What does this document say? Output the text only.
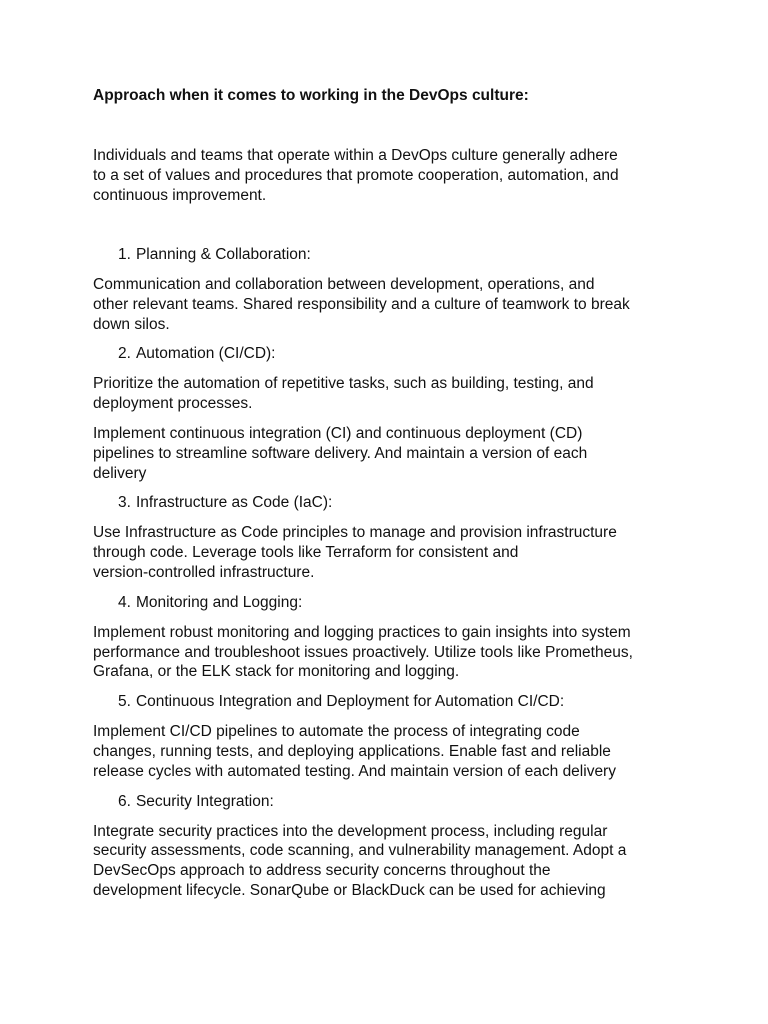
Approach when it comes to working in the DevOps culture:

Individuals and teams that operate within a DevOps culture generally adhere
to a set of values and procedures that promote cooperation, automation, and
continuous improvement.

1. Planning & Collaboration:

Communication and collaboration between development, operations, and
other relevant teams. Shared responsibility and a culture of teamwork to break
down silos.

2. Automation (CI/CD):

Prioritize the automation of repetitive tasks, such as building, testing, and
deployment processes.

Implement continuous integration (CI) and continuous deployment (CD)
pipelines to streamline software delivery. And maintain a version of each
delivery

3. Infrastructure as Code (IaC):

Use Infrastructure as Code principles to manage and provision infrastructure
through code. Leverage tools like Terraform for consistent and
version-controlled infrastructure.

4. Monitoring and Logging:

Implement robust monitoring and logging practices to gain insights into system
performance and troubleshoot issues proactively. Utilize tools like Prometheus,
Grafana, or the ELK stack for monitoring and logging.

5. Continuous Integration and Deployment for Automation CI/CD:

Implement CI/CD pipelines to automate the process of integrating code
changes, running tests, and deploying applications. Enable fast and reliable
release cycles with automated testing. And maintain version of each delivery

6. Security Integration:

Integrate security practices into the development process, including regular
security assessments, code scanning, and vulnerability management. Adopt a
DevSecOps approach to address security concerns throughout the
development lifecycle. SonarQube or BlackDuck can be used for achieving
